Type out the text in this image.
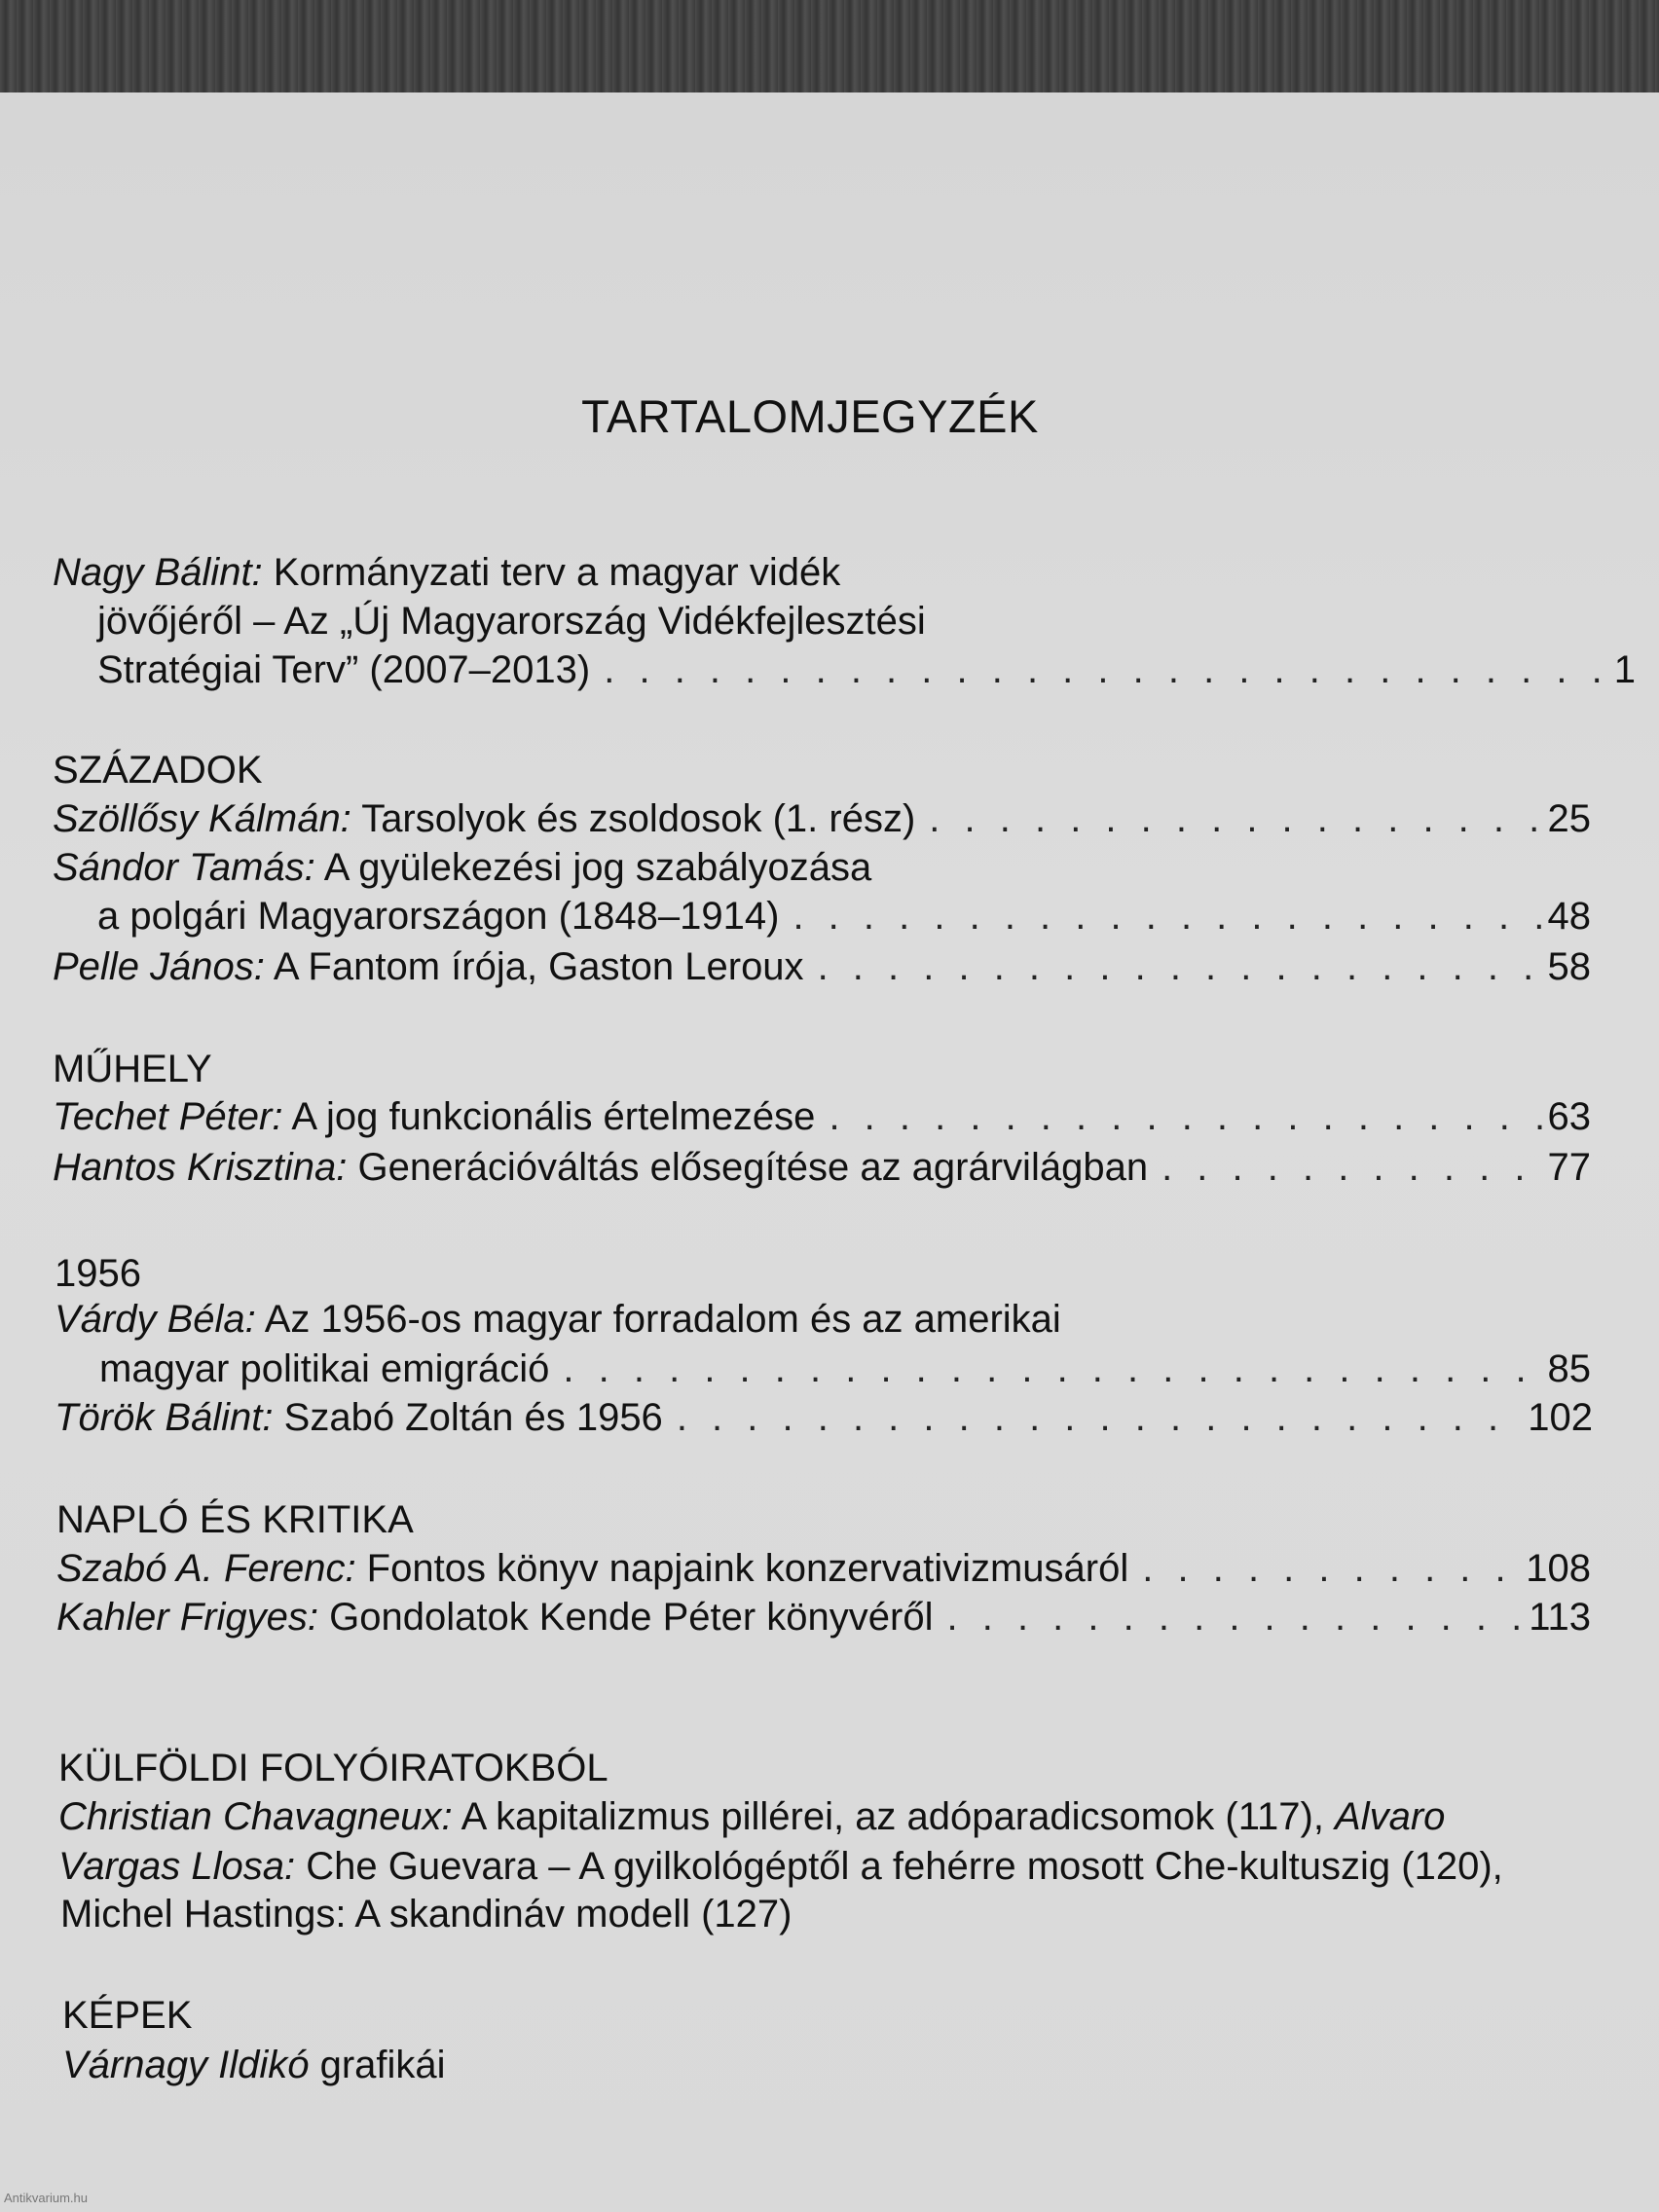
TARTALOMJEGYZÉK
Nagy Bálint: Kormányzati terv a magyar vidék
jövőjéről – Az „Új Magyarország Vidékfejlesztési
Stratégiai Terv” (2007–2013) . . .	1
SZÁZADOK
Szöllősy Kálmán: Tarsolyok és zsoldosok (1. rész) . . .	25
Sándor Tamás: A gyülekezési jog szabályozása
a polgári Magyarországon (1848–1914) . . .	48
Pelle János: A Fantom írója, Gaston Leroux . . .	58
MŰHELY
Techet Péter: A jog funkcionális értelmezése . . .	63
Hantos Krisztina: Generációváltás elősegítése az agrárvilágban . . .	77
1956
Várdy Béla: Az 1956-os magyar forradalom és az amerikai
magyar politikai emigráció . . .	85
Török Bálint: Szabó Zoltán és 1956 . . .	102
NAPLÓ ÉS KRITIKA
Szabó A. Ferenc: Fontos könyv napjaink konzervativizmusáról . . .	108
Kahler Frigyes: Gondolatok Kende Péter könyvéről . . .	113
KÜLFÖLDI FOLYÓIRATOKBÓL
Christian Chavagneux: A kapitalizmus pillérei, az adóparadicsomok (117), Alvaro
Vargas Llosa: Che Guevara – A gyilkológéptől a fehérre mosott Che-kultuszig (120),
Michel Hastings: A skandináv modell (127)
KÉPEK
Várnagy Ildikó grafikái
Antikvarium.hu
